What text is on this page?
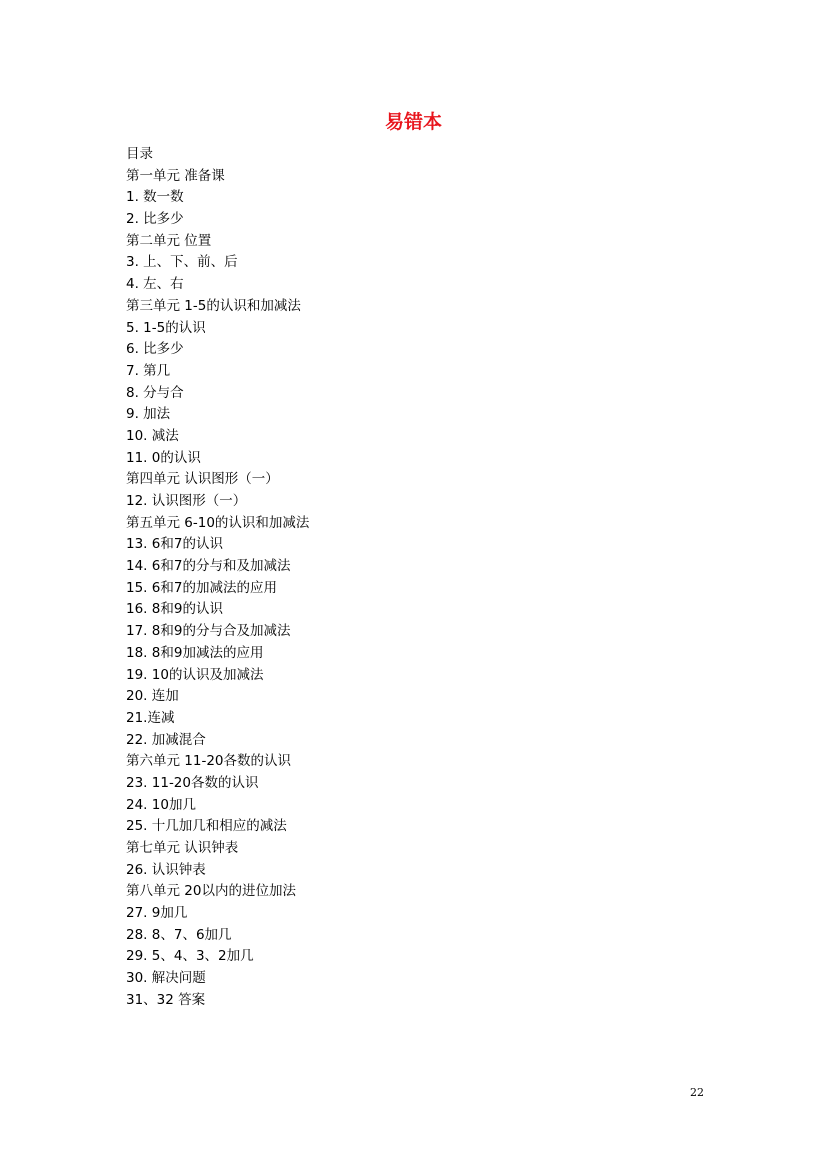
易错本
目录
第一单元 准备课
1. 数一数
2. 比多少
第二单元 位置
3. 上、下、前、后
4. 左、右
第三单元 1-5的认识和加减法
5. 1-5的认识
6. 比多少
7. 第几
8. 分与合
9. 加法
10. 减法
11. 0的认识
第四单元 认识图形（一）
12. 认识图形（一）
第五单元 6-10的认识和加减法
13. 6和7的认识
14. 6和7的分与和及加减法
15. 6和7的加减法的应用
16. 8和9的认识
17. 8和9的分与合及加减法
18. 8和9加减法的应用
19. 10的认识及加减法
20. 连加
21.连减
22. 加减混合
第六单元 11-20各数的认识
23. 11-20各数的认识
24. 10加几
25. 十几加几和相应的减法
第七单元 认识钟表
26. 认识钟表
第八单元 20以内的进位加法
27. 9加几
28. 8、7、6加几
29. 5、4、3、2加几
30. 解决问题
31、32 答案
22
